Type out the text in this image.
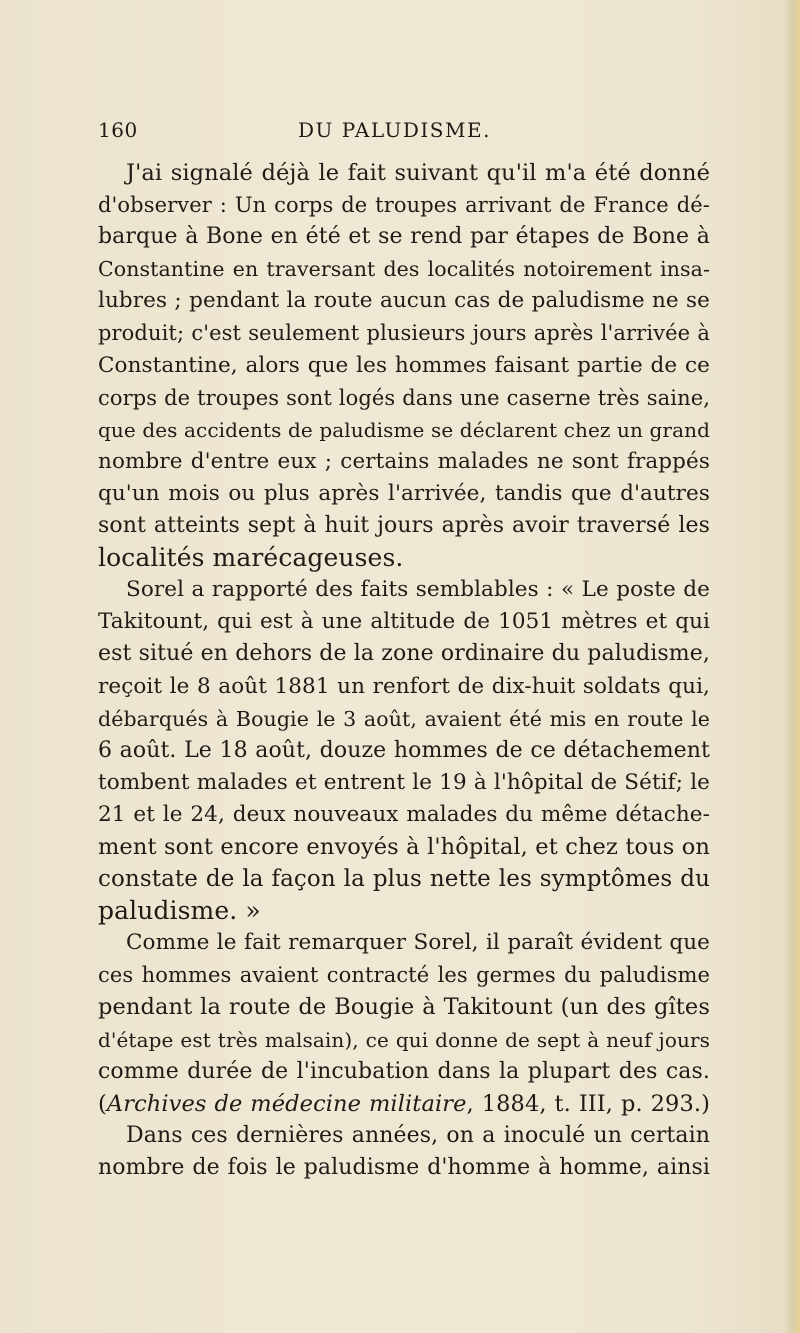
160	DU PALUDISME.
J'ai signalé déjà le fait suivant qu'il m'a été donné
d'observer : Un corps de troupes arrivant de France dé-
barque à Bone en été et se rend par étapes de Bone à
Constantine en traversant des localités notoirement insa-
lubres ; pendant la route aucun cas de paludisme ne se
produit; c'est seulement plusieurs jours après l'arrivée à
Constantine, alors que les hommes faisant partie de ce
corps de troupes sont logés dans une caserne très saine,
que des accidents de paludisme se déclarent chez un grand
nombre d'entre eux ; certains malades ne sont frappés
qu'un mois ou plus après l'arrivée, tandis que d'autres
sont atteints sept à huit jours après avoir traversé les
localités marécageuses.
Sorel a rapporté des faits semblables : « Le poste de
Takitount, qui est à une altitude de 1051 mètres et qui
est situé en dehors de la zone ordinaire du paludisme,
reçoit le 8 août 1881 un renfort de dix-huit soldats qui,
débarqués à Bougie le 3 août, avaient été mis en route le
6 août. Le 18 août, douze hommes de ce détachement
tombent malades et entrent le 19 à l'hôpital de Sétif; le
21 et le 24, deux nouveaux malades du même détache-
ment sont encore envoyés à l'hôpital, et chez tous on
constate de la façon la plus nette les symptômes du
paludisme. »
Comme le fait remarquer Sorel, il paraît évident que
ces hommes avaient contracté les germes du paludisme
pendant la route de Bougie à Takitount (un des gîtes
d'étape est très malsain), ce qui donne de sept à neuf jours
comme durée de l'incubation dans la plupart des cas.
(Archives de médecine militaire, 1884, t. III, p. 293.)
Dans ces dernières années, on a inoculé un certain
nombre de fois le paludisme d'homme à homme, ainsi
